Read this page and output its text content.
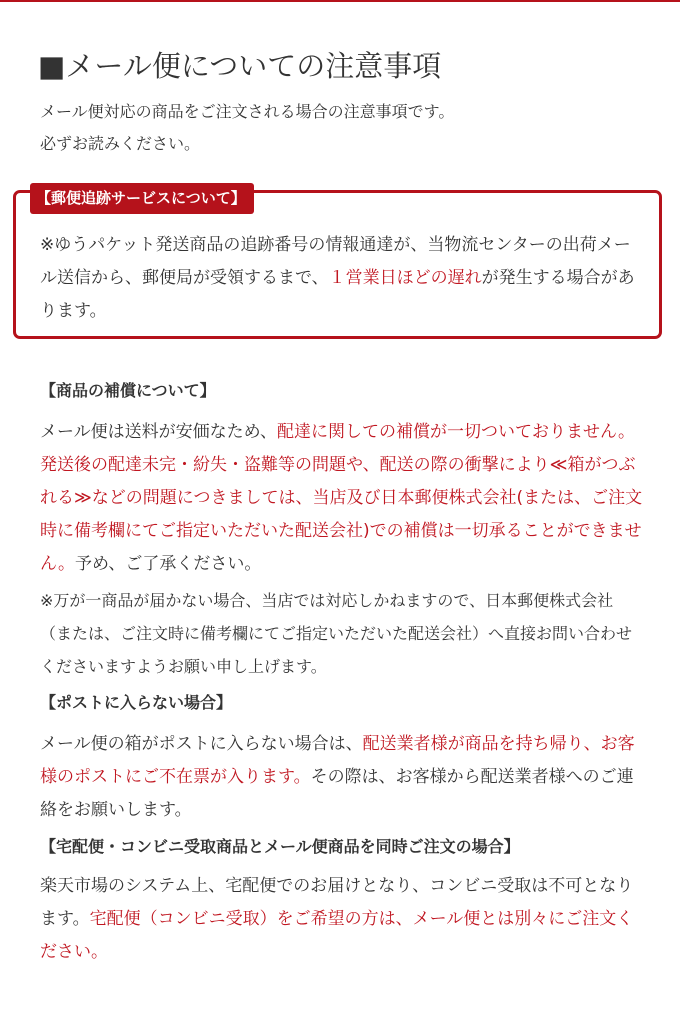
■メール便についての注意事項
メール便対応の商品をご注文される場合の注意事項です。
必ずお読みください。
【郵便追跡サービスについて】

※ゆうパケット発送商品の追跡番号の情報通達が、当物流センターの出荷メール送信から、郵便局が受領するまで、１営業日ほどの遅れが発生する場合があります。

【商品の補償について】

メール便は送料が安価なため、配達に関しての補償が一切ついておりません。発送後の配達未完・紛失・盗難等の問題や、配送の際の衝撃により≪箱がつぶれる≫などの問題につきましては、当店及び日本郵便株式会社(または、ご注文時に備考欄にてご指定いただいた配送会社)での補償は一切承ることができません。予め、ご了承ください。

※万が一商品が届かない場合、当店では対応しかねますので、日本郵便株式会社（または、ご注文時に備考欄にてご指定いただいた配送会社）へ直接お問い合わせくださいますようお願い申し上げます。

【ポストに入らない場合】

メール便の箱がポストに入らない場合は、配送業者様が商品を持ち帰り、お客様のポストにご不在票が入ります。その際は、お客様から配送業者様へのご連絡をお願いします。

【宅配便・コンビニ受取商品とメール便商品を同時ご注文の場合】

楽天市場のシステム上、宅配便でのお届けとなり、コンビニ受取は不可となります。宅配便（コンビニ受取）をご希望の方は、メール便とは別々にご注文ください。
